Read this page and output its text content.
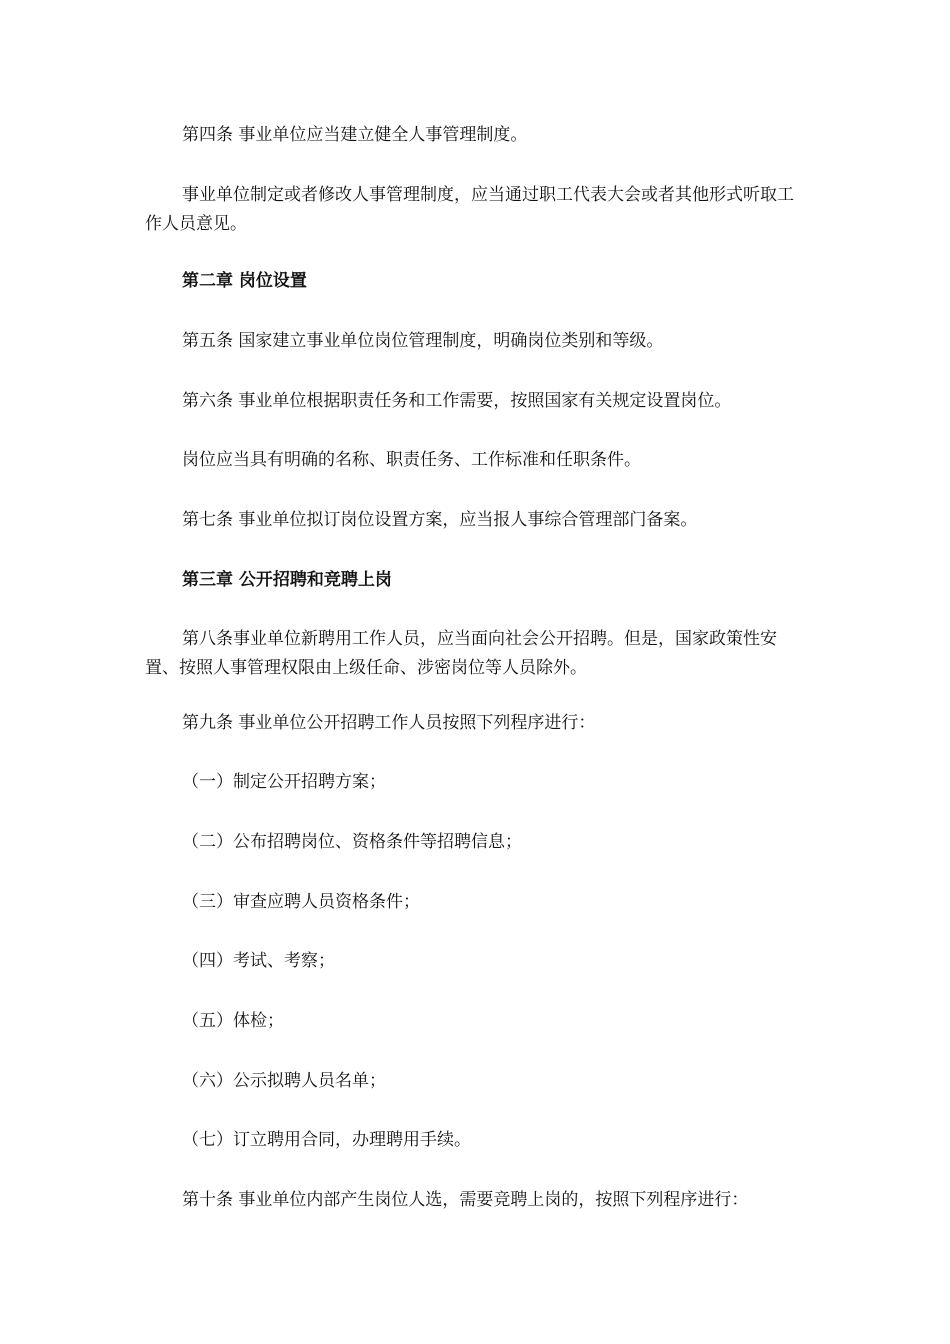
第四条 事业单位应当建立健全人事管理制度。

事业单位制定或者修改人事管理制度，应当通过职工代表大会或者其他形式听取工作人员意见。

第二章 岗位设置

第五条 国家建立事业单位岗位管理制度，明确岗位类别和等级。

第六条 事业单位根据职责任务和工作需要，按照国家有关规定设置岗位。

岗位应当具有明确的名称、职责任务、工作标准和任职条件。

第七条 事业单位拟订岗位设置方案，应当报人事综合管理部门备案。

第三章 公开招聘和竞聘上岗

第八条事业单位新聘用工作人员，应当面向社会公开招聘。但是，国家政策性安置、按照人事管理权限由上级任命、涉密岗位等人员除外。

第九条 事业单位公开招聘工作人员按照下列程序进行：

（一）制定公开招聘方案；

（二）公布招聘岗位、资格条件等招聘信息；

（三）审查应聘人员资格条件；

（四）考试、考察；

（五）体检；

（六）公示拟聘人员名单；

（七）订立聘用合同，办理聘用手续。

第十条 事业单位内部产生岗位人选，需要竞聘上岗的，按照下列程序进行：
